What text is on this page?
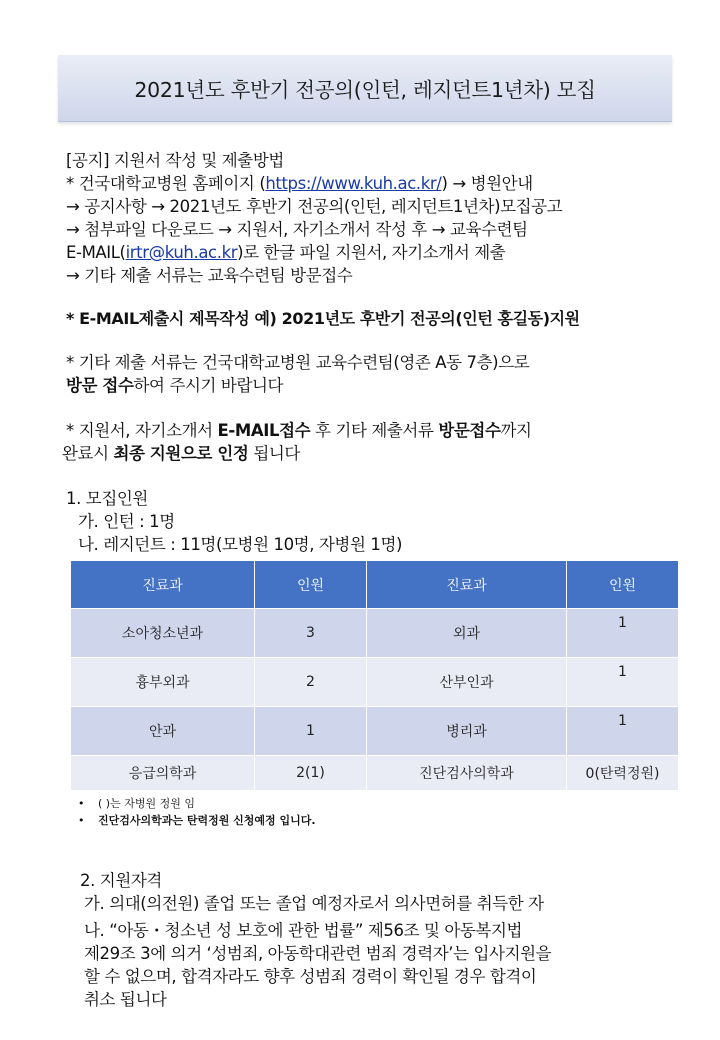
2021년도 후반기 전공의(인턴, 레지던트1년차) 모집
[공지] 지원서 작성 및 제출방법
* 건국대학교병원 홈페이지 (https://www.kuh.ac.kr/) → 병원안내
→ 공지사항 → 2021년도 후반기 전공의(인턴, 레지던트1년차)모집공고
→ 첨부파일 다운로드 → 지원서, 자기소개서 작성 후 → 교육수련팀
E-MAIL(irtr@kuh.ac.kr)로 한글 파일 지원서, 자기소개서 제출
→ 기타 제출 서류는 교육수련팀 방문접수
* E-MAIL제출시 제목작성 예) 2021년도 후반기 전공의(인턴 홍길동)지원
* 기타 제출 서류는 건국대학교병원 교육수련팀(영존 A동 7층)으로
방문 접수하여 주시기 바랍니다
* 지원서, 자기소개서 E-MAIL접수 후 기타 제출서류 방문접수까지
완료시 최종 지원으로 인정 됩니다
1. 모집인원
가. 인턴 : 1명
나. 레지던트 : 11명(모병원 10명, 자병원 1명)
진료과	인원	진료과	인원
소아청소년과	3	외과	1
흉부외과	2	산부인과	1
안과	1	병리과	1
응급의학과	2(1)	진단검사의학과	0(탄력정원)
• ( )는 자병원 정원 임
• 진단검사의학과는 탄력정원 신청예정 입니다.
2. 지원자격
가. 의대(의전원) 졸업 또는 졸업 예정자로서 의사면허를 취득한 자
나. “아동・청소년 성 보호에 관한 법률” 제56조 및 아동복지법
제29조 3에 의거 ‘성범죄, 아동학대관련 범죄 경력자’는 입사지원을
할 수 없으며, 합격자라도 향후 성범죄 경력이 확인될 경우 합격이
취소 됩니다
